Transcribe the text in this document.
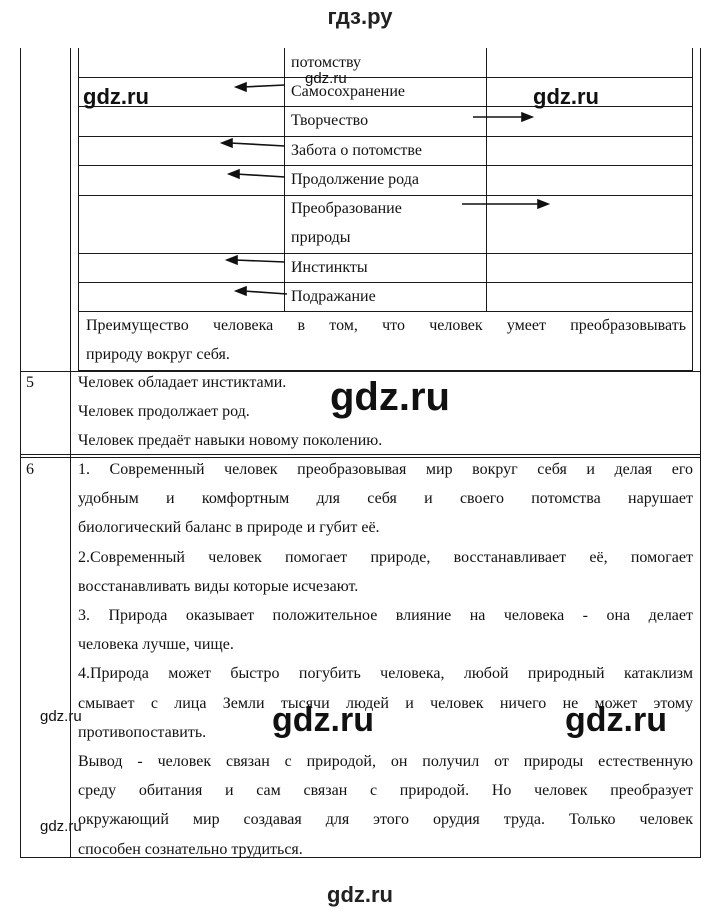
гдз.ру
потомству
Самосохранение
Творчество
Забота о потомстве
Продолжение рода
Преобразование
природы
Инстинкты
Подражание
Преимущество человека в том, что человек умеет преобразовывать
природу вокруг себя.
5	Человек обладает инстиктами.
Человек продолжает род.
Человек предаёт навыки новому поколению.
6	1. Современный человек преобразовывая мир вокруг себя и делая его
удобным и комфортным для себя и своего потомства нарушает
биологический баланс в природе и губит её.
2.Современный человек помогает природе, восстанавливает её, помогает
восстанавливать виды которые исчезают.
3. Природа оказывает положительное влияние на человека - она делает
человека лучше, чище.
4.Природа может быстро погубить человека, любой природный катаклизм
смывает с лица Земли тысячи людей и человек ничего не может этому
противопоставить.
Вывод - человек связан с природой, он получил от природы естественную
среду обитания и сам связан с природой. Но человек преобразует
окружающий мир создавая для этого орудия труда. Только человек
способен сознательно трудиться.
gdz.ru
gdz.ru	gdz.ru
gdz.ru
gdz.ru	gdz.ru	gdz.ru
gdz.ru
gdz.ru
